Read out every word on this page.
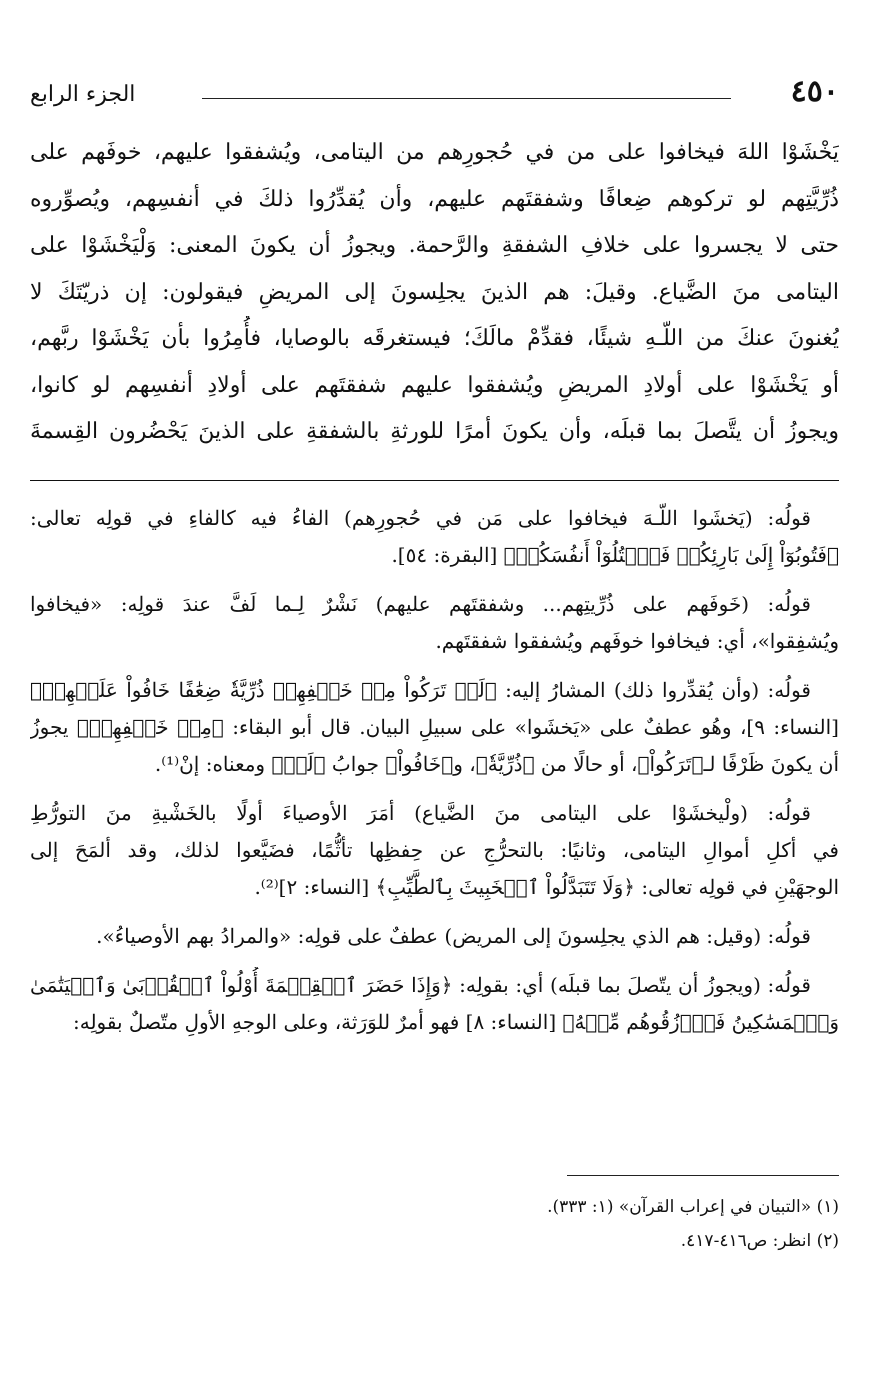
٤٥٠
الجزء الرابع
يَخْشَوْا اللهَ فيخافوا على من في حُجورِهم من اليتامى، ويُشفقوا عليهم، خوفَهم على
ذُرِّيَّتِهم لو تركوهم ضِعافًا وشفقتَهم عليهم، وأن يُقدِّرُوا ذلكَ في أنفسِهم، ويُصوِّروه
حتى لا يجسروا على خلافِ الشفقةِ والرَّحمة. ويجوزُ أن يكونَ المعنى: وَلْيَخْشَوْا على
اليتامى منَ الضَّياع. وقيلَ: هم الذينَ يجلِسونَ إلى المريضِ فيقولون: إن ذريّتَكَ لا
يُغنونَ عنكَ من اللّـهِ شيئًا، فقدِّمْ مالَكَ؛ فيستغرقَه بالوصايا، فأُمِرُوا بأن يَخْشَوْا ربَّهم،
أو يَخْشَوْا على أولادِ المريضِ ويُشفقوا عليهم شفقتَهم على أولادِ أنفسِهم لو كانوا،
ويجوزُ أن يتَّصلَ بما قبلَه، وأن يكونَ أمرًا للورثةِ بالشفقةِ على الذينَ يَحْضُرون القِسمةَ
قولُه: (يَخشَوا اللّـهَ فيخافوا على مَن في حُجورِهم) الفاءُ فيه كالفاءِ في قولِه تعالى:
﴿فَتُوبُوٓاْ إِلَىٰ بَارِئِكُمۡ فَٱقۡتُلُوٓاْ أَنفُسَكُمۡ﴾ [البقرة: ٥٤].
قولُه: (خَوفَهم على ذُرِّيتِهم... وشفقتَهم عليهم) نَشْرٌ لِـما لَفَّ عندَ قولِه: «فيخافوا
ويُشفِقوا»، أي: فيخافوا خوفَهم ويُشفقوا شفقتَهم.
قولُه: (وأن يُقدِّروا ذلك) المشارُ إليه: ﴿لَوۡ تَرَكُواْ مِنۡ خَلۡفِهِمۡ ذُرِّيَّةٗ ضِعَٰفًا خَافُواْ عَلَيۡهِمۡ﴾
[النساء: ٩]، وهُو عطفٌ على «يَخشَوا» على سبيلِ البيان. قال أبو البقاء: ﴿مِنۡ خَلۡفِهِمۡ﴾ يجوزُ
أن يكونَ ظَرْفًا لـ﴿تَرَكُواْ﴾، أو حالًا من ﴿ذُرِّيَّةٗ﴾، و﴿خَافُواْ﴾ جوابُ ﴿لَوۡ﴾ ومعناه: إنْ⁽¹⁾.
قولُه: (ولْيخشَوْا على اليتامى منَ الضَّياع) أمَرَ الأوصياءَ أولًا بالخَشْيةِ منَ التورُّطِ
في أكلِ أموالِ اليتامى، وثانيًا: بالتحرُّجِ عن حِفظِها تأثُّمًا، فضَيَّعوا لذلك، وقد ألمَحَ إلى
الوجهَيْنِ في قولِه تعالى: ﴿وَلَا تَتَبَدَّلُواْ ٱلۡخَبِيثَ بِٱلطَّيِّبِ﴾ [النساء: ٢]⁽²⁾.
قولُه: (وقيل: هم الذي يجلِسونَ إلى المريض) عطفٌ على قولِه: «والمرادُ بهم الأوصياءُ».
قولُه: (ويجوزُ أن يتّصلَ بما قبلَه) أي: بقولِه: ﴿وَإِذَا حَضَرَ ٱلۡقِسۡمَةَ أُوْلُواْ ٱلۡقُرۡبَىٰ وَٱلۡيَتَٰمَىٰ
وَٱلۡمَسَٰكِينُ فَٱرۡزُقُوهُم مِّنۡهُ﴾ [النساء: ٨] فهو أمرٌ للوَرَثة، وعلى الوجهِ الأولِ متّصلٌ بقولِه:
(١) «التبيان في إعراب القرآن» (١: ٣٣٣).
(٢) انظر: ص٤١٦-٤١٧.
